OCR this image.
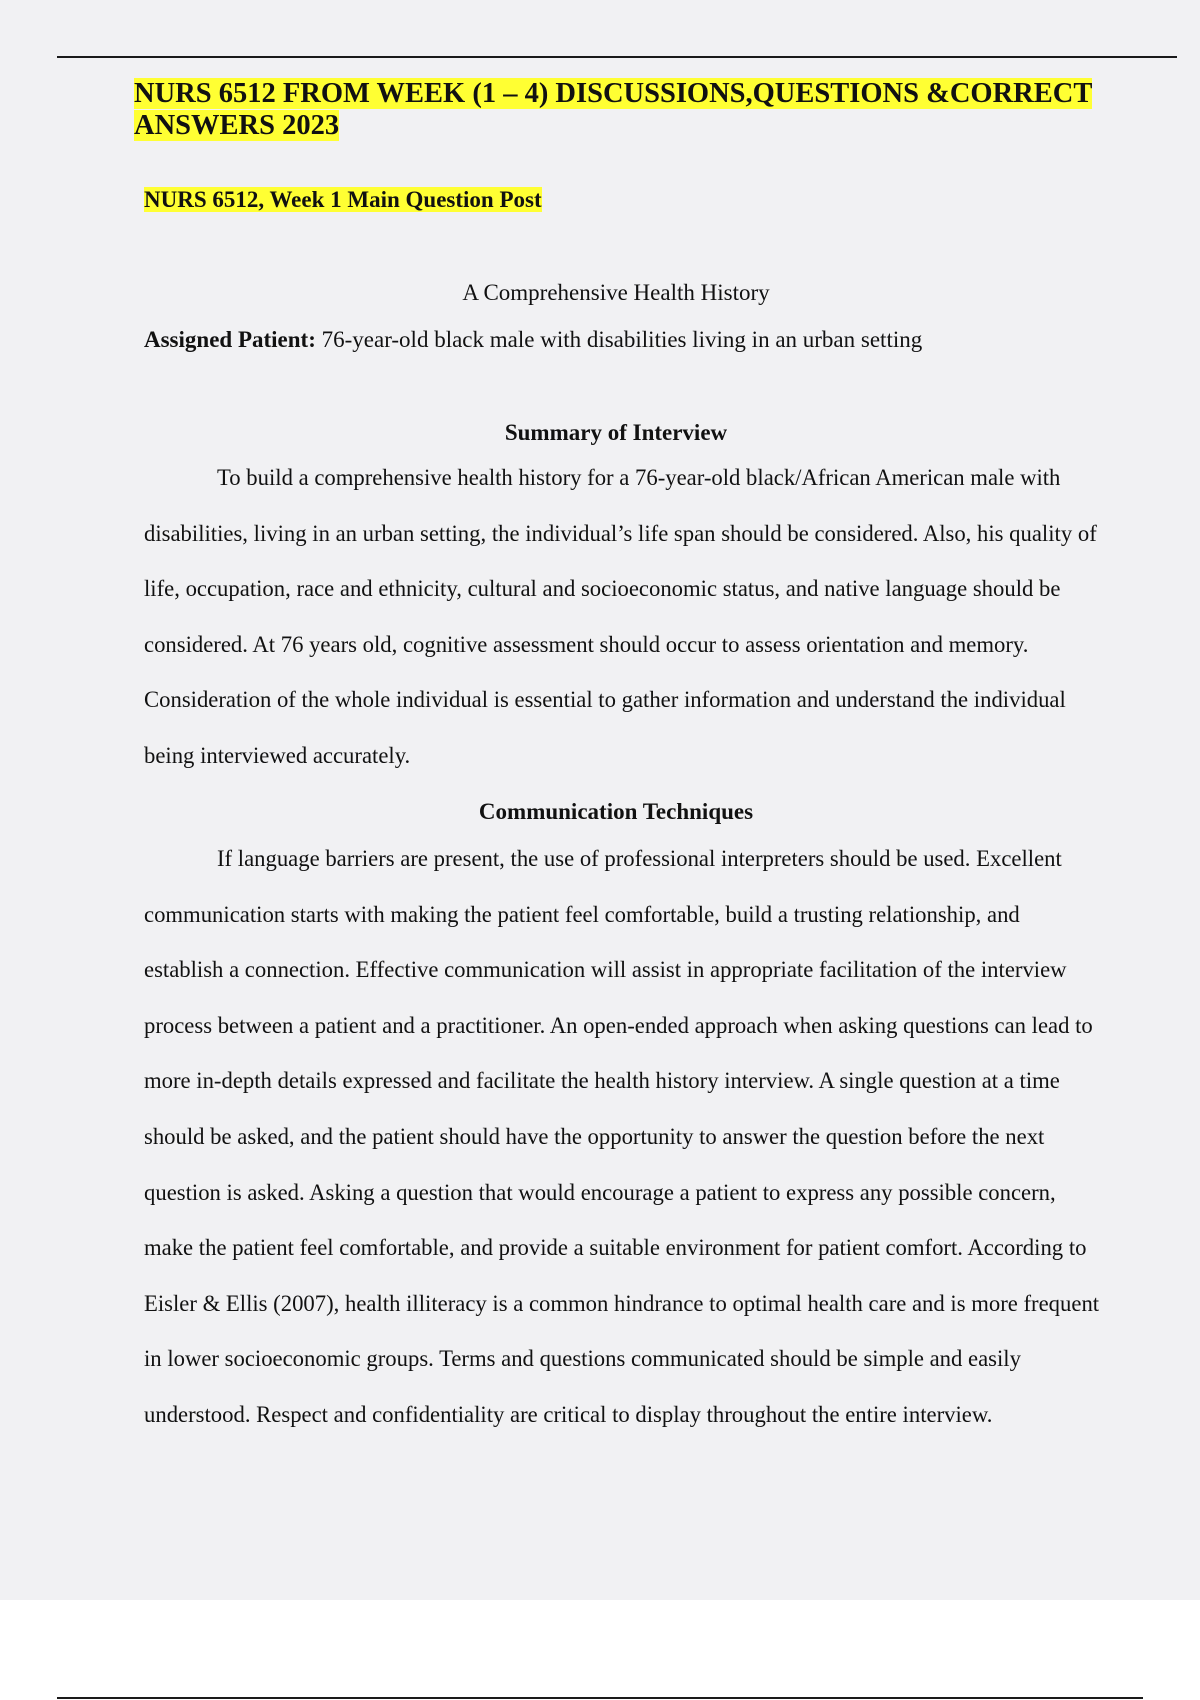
NURS 6512 FROM WEEK (1 – 4) DISCUSSIONS,QUESTIONS &CORRECT ANSWERS 2023
NURS 6512, Week 1 Main Question Post

A Comprehensive Health History

Assigned Patient: 76-year-old black male with disabilities living in an urban setting

Summary of Interview

To build a comprehensive health history for a 76-year-old black/African American male with disabilities, living in an urban setting, the individual’s life span should be considered. Also, his quality of life, occupation, race and ethnicity, cultural and socioeconomic status, and native language should be considered. At 76 years old, cognitive assessment should occur to assess orientation and memory. Consideration of the whole individual is essential to gather information and understand the individual being interviewed accurately.

Communication Techniques

If language barriers are present, the use of professional interpreters should be used. Excellent communication starts with making the patient feel comfortable, build a trusting relationship, and establish a connection. Effective communication will assist in appropriate facilitation of the interview process between a patient and a practitioner. An open-ended approach when asking questions can lead to more in-depth details expressed and facilitate the health history interview. A single question at a time should be asked, and the patient should have the opportunity to answer the question before the next question is asked. Asking a question that would encourage a patient to express any possible concern, make the patient feel comfortable, and provide a suitable environment for patient comfort. According to Eisler & Ellis (2007), health illiteracy is a common hindrance to optimal health care and is more frequent in lower socioeconomic groups. Terms and questions communicated should be simple and easily understood. Respect and confidentiality are critical to display throughout the entire interview.
